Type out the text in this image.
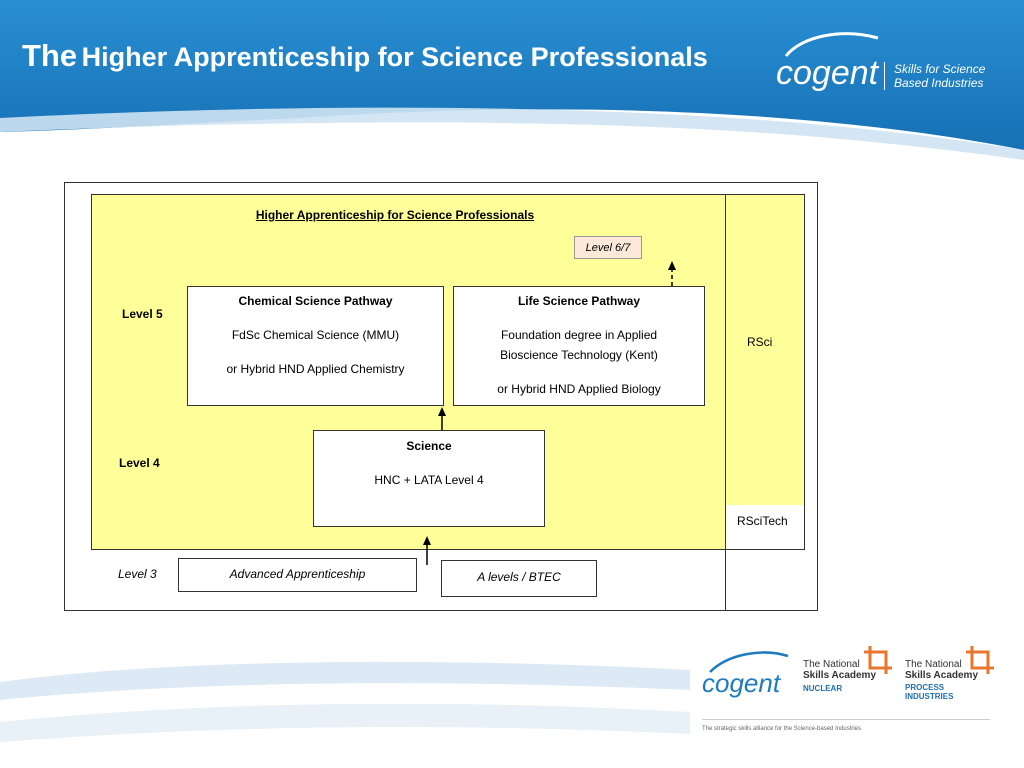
The Higher Apprenticeship for Science Professionals cogent Skills for Science
Based Industries
Higher Apprenticeship for Science Professionals
Level 6/7
Level 5
Level 4
Level 3
Chemical Science Pathway
FdSc Chemical Science (MMU)
or Hybrid HND Applied Chemistry
Life Science Pathway
Foundation degree in Applied
Bioscience Technology (Kent)
or Hybrid HND Applied Biology
Science
HNC + LATA Level 4
Advanced Apprenticeship	A levels / BTEC
RSci
RSciTech
cogent
The National
Skills Academy
NUCLEAR
The National
Skills Academy
PROCESS
INDUSTRIES
The strategic skills alliance for the Science-based Industries
